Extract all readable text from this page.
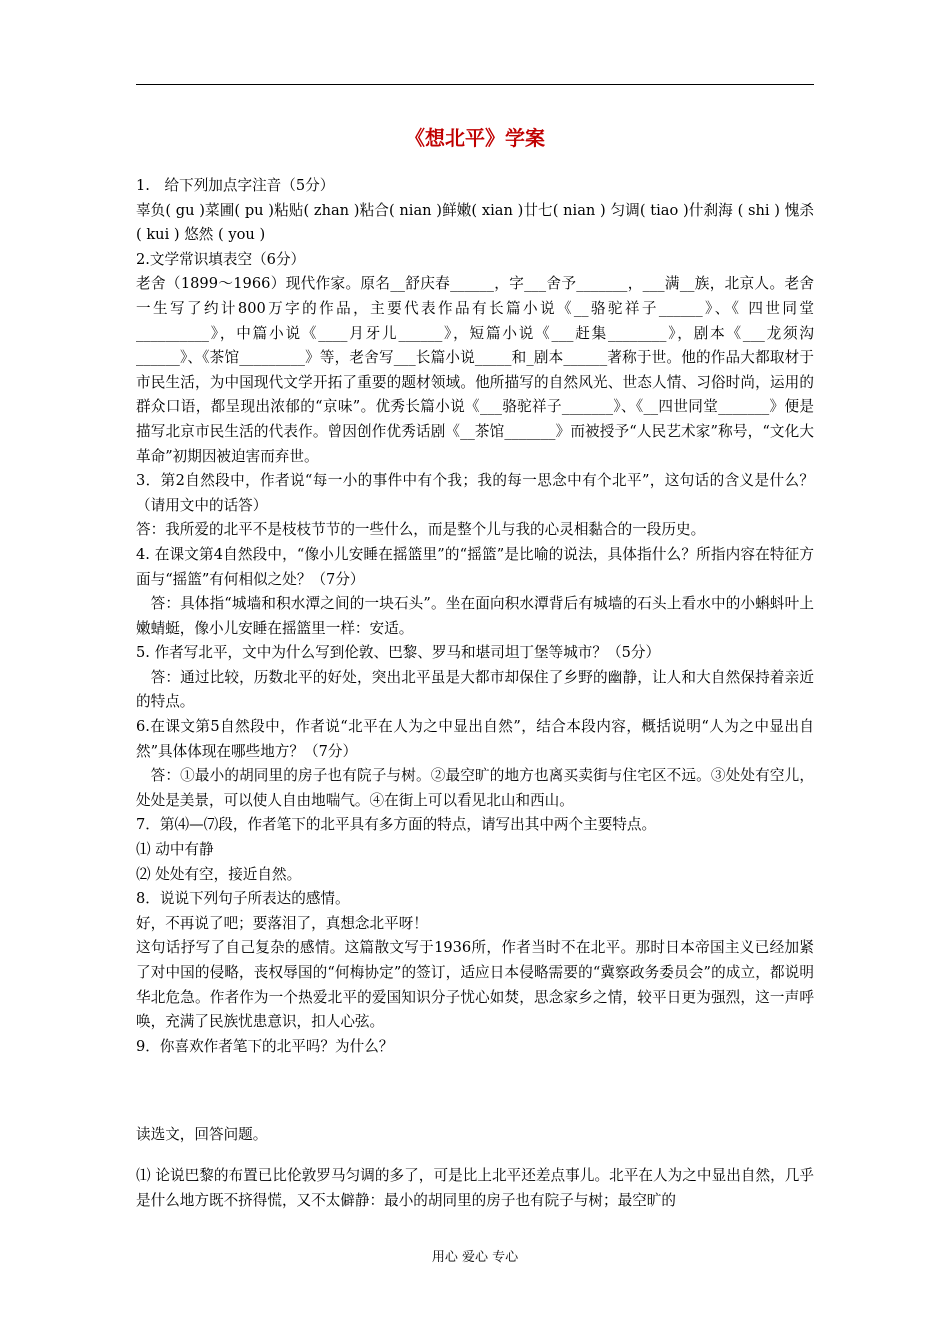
《想北平》学案

1.　给下列加点字注音（5分）

辜负( gu )菜圃( pu )粘贴( zhan )粘合( nian )鲜嫩( xian )廿七( nian ) 匀调( tiao )什刹海 ( shi ) 愧杀 ( kui ) 悠然 ( you )

2.文学常识填表空（6分）

老舍（1899～1966）现代作家。原名__舒庆春______，字___舍予_______，___满__族，北京人。老舍一生写了约计800万字的作品，主要代表作品有长篇小说《__骆驼祥子______》、《 四世同堂__________》，中篇小说《____月牙儿______》，短篇小说《___赶集________》，剧本《___龙须沟______》、《茶馆_________》等，老舍写___长篇小说_____和_剧本______著称于世。他的作品大都取材于市民生活，为中国现代文学开拓了重要的题材领域。他所描写的自然风光、世态人情、习俗时尚，运用的群众口语，都呈现出浓郁的“京味”。优秀长篇小说《___骆驼祥子_______》、《__四世同堂_______》便是描写北京市民生活的代表作。曾因创作优秀话剧《__茶馆_______》而被授予“人民艺术家”称号，“文化大革命”初期因被迫害而弃世。

3．第2自然段中，作者说“每一小的事件中有个我；我的每一思念中有个北平”，这句话的含义是什么？（请用文中的话答）

答：我所爱的北平不是枝枝节节的一些什么，而是整个儿与我的心灵相黏合的一段历史。

4. 在课文第4自然段中，“像小儿安睡在摇篮里”的“摇篮”是比喻的说法，具体指什么？所指内容在特征方面与“摇篮”有何相似之处？（7分）

答：具体指“城墙和积水潭之间的一块石头”。坐在面向积水潭背后有城墙的石头上看水中的小蝌蚪叶上嫩蜻蜓，像小儿安睡在摇篮里一样：安适。

5. 作者写北平，文中为什么写到伦敦、巴黎、罗马和堪司坦丁堡等城市？（5分）

答：通过比较，历数北平的好处，突出北平虽是大都市却保住了乡野的幽静，让人和大自然保持着亲近的特点。

6.在课文第5自然段中，作者说“北平在人为之中显出自然”，结合本段内容，概括说明“人为之中显出自然”具体体现在哪些地方？（7分）

答：①最小的胡同里的房子也有院子与树。②最空旷的地方也离买卖街与住宅区不远。③处处有空儿，处处是美景，可以使人自由地喘气。④在街上可以看见北山和西山。

7．第⑷—⑺段，作者笔下的北平具有多方面的特点，请写出其中两个主要特点。

⑴ 动中有静

⑵ 处处有空，接近自然。

8．说说下列句子所表达的感情。

好，不再说了吧；要落泪了，真想念北平呀！

这句话抒写了自己复杂的感情。这篇散文写于1936所，作者当时不在北平。那时日本帝国主义已经加紧了对中国的侵略，丧权辱国的“何梅协定”的签订，适应日本侵略需要的“冀察政务委员会”的成立，都说明华北危急。作者作为一个热爱北平的爱国知识分子忧心如焚，思念家乡之情，较平日更为强烈，这一声呼唤，充满了民族忧患意识，扣人心弦。

9．你喜欢作者笔下的北平吗？为什么？

读选文，回答问题。

⑴ 论说巴黎的布置已比伦敦罗马匀调的多了，可是比上北平还差点事儿。北平在人为之中显出自然，几乎是什么地方既不挤得慌，又不太僻静：最小的胡同里的房子也有院子与树；最空旷的

用心 爱心 专心
